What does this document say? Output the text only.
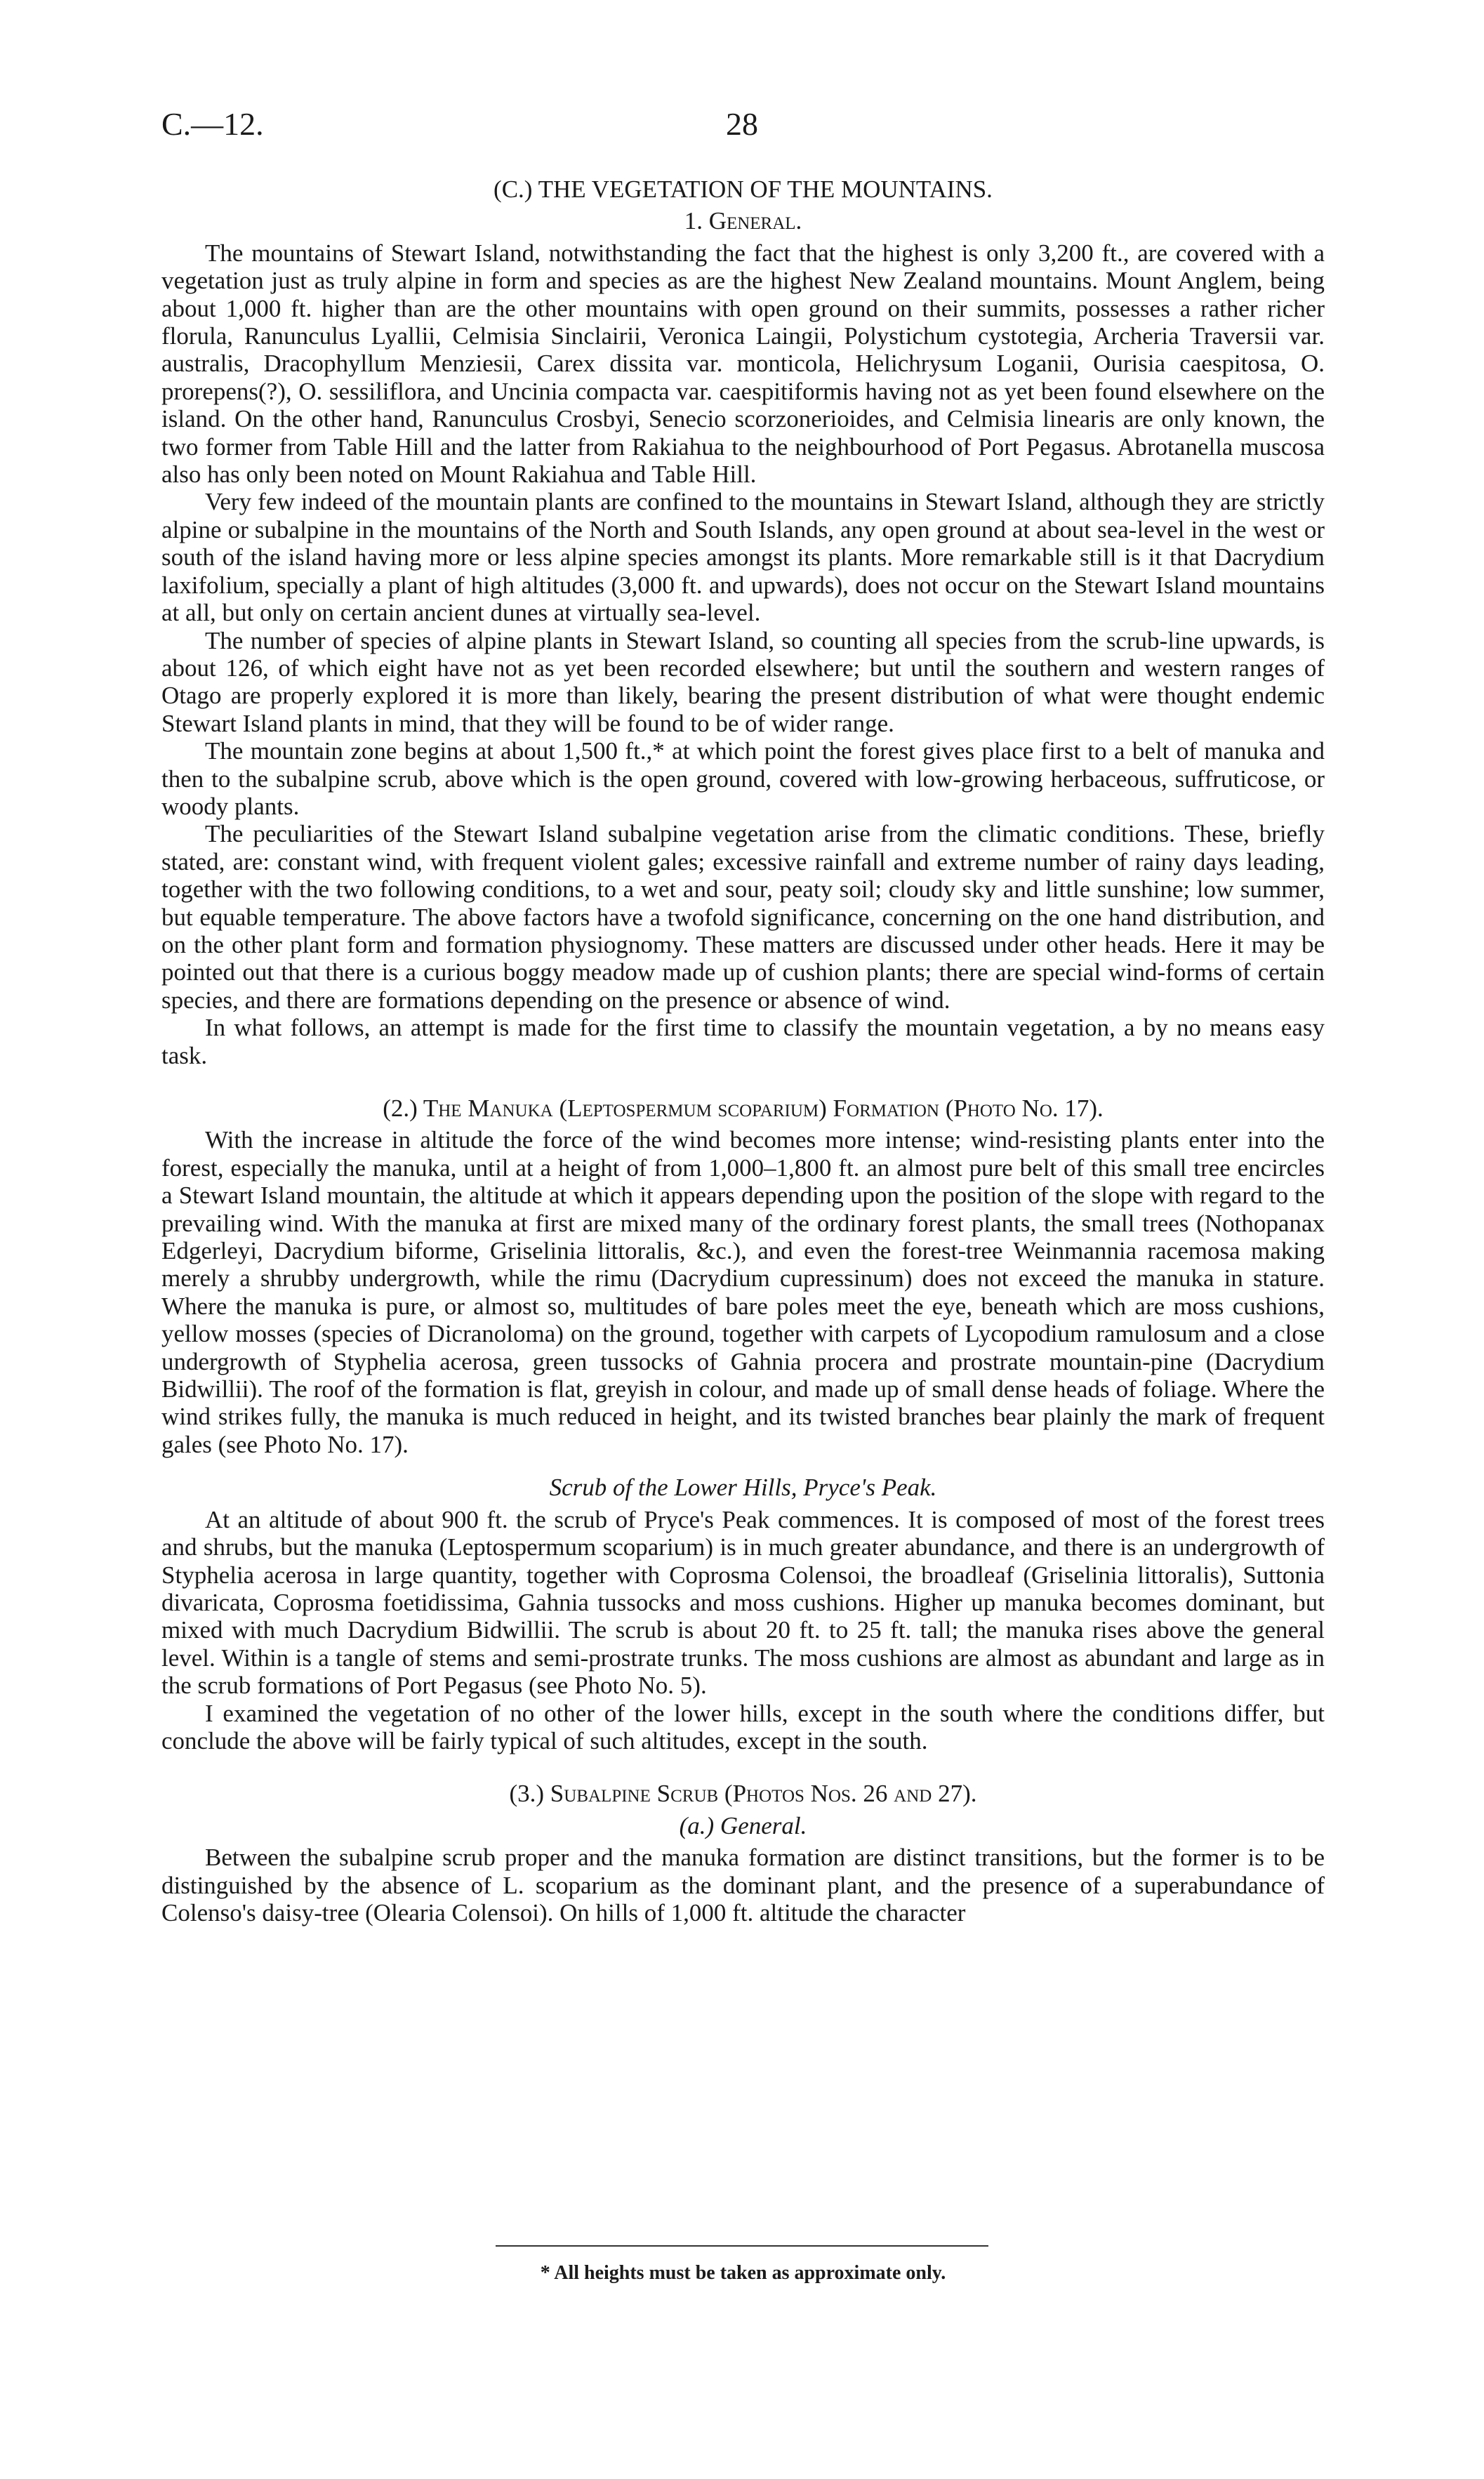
C.—12.	28

(C.) THE VEGETATION OF THE MOUNTAINS.

1. General.

The mountains of Stewart Island, notwithstanding the fact that the highest is only 3,200 ft., are covered with a vegetation just as truly alpine in form and species as are the highest New Zealand mountains. Mount Anglem, being about 1,000 ft. higher than are the other mountains with open ground on their summits, possesses a rather richer florula, Ranunculus Lyallii, Celmisia Sinclairii, Veronica Laingii, Polystichum cystotegia, Archeria Traversii var. australis, Dracophyllum Menziesii, Carex dissita var. monticola, Helichrysum Loganii, Ourisia caespitosa, O. prorepens(?), O. sessiliflora, and Uncinia compacta var. caespitiformis having not as yet been found elsewhere on the island. On the other hand, Ranunculus Crosbyi, Senecio scorzonerioides, and Celmisia linearis are only known, the two former from Table Hill and the latter from Rakiahua to the neighbourhood of Port Pegasus. Abrotanella muscosa also has only been noted on Mount Rakiahua and Table Hill.

Very few indeed of the mountain plants are confined to the mountains in Stewart Island, although they are strictly alpine or subalpine in the mountains of the North and South Islands, any open ground at about sea-level in the west or south of the island having more or less alpine species amongst its plants. More remarkable still is it that Dacrydium laxifolium, specially a plant of high altitudes (3,000 ft. and upwards), does not occur on the Stewart Island mountains at all, but only on certain ancient dunes at virtually sea-level.

The number of species of alpine plants in Stewart Island, so counting all species from the scrub-line upwards, is about 126, of which eight have not as yet been recorded elsewhere; but until the southern and western ranges of Otago are properly explored it is more than likely, bearing the present distribution of what were thought endemic Stewart Island plants in mind, that they will be found to be of wider range.

The mountain zone begins at about 1,500 ft.,* at which point the forest gives place first to a belt of manuka and then to the subalpine scrub, above which is the open ground, covered with low-growing herbaceous, suffruticose, or woody plants.

The peculiarities of the Stewart Island subalpine vegetation arise from the climatic conditions. These, briefly stated, are: constant wind, with frequent violent gales; excessive rainfall and extreme number of rainy days leading, together with the two following conditions, to a wet and sour, peaty soil; cloudy sky and little sunshine; low summer, but equable temperature. The above factors have a twofold significance, concerning on the one hand distribution, and on the other plant form and formation physiognomy. These matters are discussed under other heads. Here it may be pointed out that there is a curious boggy meadow made up of cushion plants; there are special wind-forms of certain species, and there are formations depending on the presence or absence of wind.

In what follows, an attempt is made for the first time to classify the mountain vegetation, a by no means easy task.

(2.) The Manuka (Leptospermum scoparium) Formation (Photo No. 17).

With the increase in altitude the force of the wind becomes more intense; wind-resisting plants enter into the forest, especially the manuka, until at a height of from 1,000–1,800 ft. an almost pure belt of this small tree encircles a Stewart Island mountain, the altitude at which it appears depending upon the position of the slope with regard to the prevailing wind. With the manuka at first are mixed many of the ordinary forest plants, the small trees (Nothopanax Edgerleyi, Dacrydium biforme, Griselinia littoralis, &c.), and even the forest-tree Weinmannia racemosa making merely a shrubby undergrowth, while the rimu (Dacrydium cupressinum) does not exceed the manuka in stature. Where the manuka is pure, or almost so, multitudes of bare poles meet the eye, beneath which are moss cushions, yellow mosses (species of Dicranoloma) on the ground, together with carpets of Lycopodium ramulosum and a close undergrowth of Styphelia acerosa, green tussocks of Gahnia procera and prostrate mountain-pine (Dacrydium Bidwillii). The roof of the formation is flat, greyish in colour, and made up of small dense heads of foliage. Where the wind strikes fully, the manuka is much reduced in height, and its twisted branches bear plainly the mark of frequent gales (see Photo No. 17).

Scrub of the Lower Hills, Pryce's Peak.

At an altitude of about 900 ft. the scrub of Pryce's Peak commences. It is composed of most of the forest trees and shrubs, but the manuka (Leptospermum scoparium) is in much greater abundance, and there is an undergrowth of Styphelia acerosa in large quantity, together with Coprosma Colensoi, the broadleaf (Griselinia littoralis), Suttonia divaricata, Coprosma foetidissima, Gahnia tussocks and moss cushions. Higher up manuka becomes dominant, but mixed with much Dacrydium Bidwillii. The scrub is about 20 ft. to 25 ft. tall; the manuka rises above the general level. Within is a tangle of stems and semi-prostrate trunks. The moss cushions are almost as abundant and large as in the scrub formations of Port Pegasus (see Photo No. 5).

I examined the vegetation of no other of the lower hills, except in the south where the conditions differ, but conclude the above will be fairly typical of such altitudes, except in the south.

(3.) Subalpine Scrub (Photos Nos. 26 and 27).

(a.) General.

Between the subalpine scrub proper and the manuka formation are distinct transitions, but the former is to be distinguished by the absence of L. scoparium as the dominant plant, and the presence of a superabundance of Colenso's daisy-tree (Olearia Colensoi). On hills of 1,000 ft. altitude the character

* All heights must be taken as approximate only.
